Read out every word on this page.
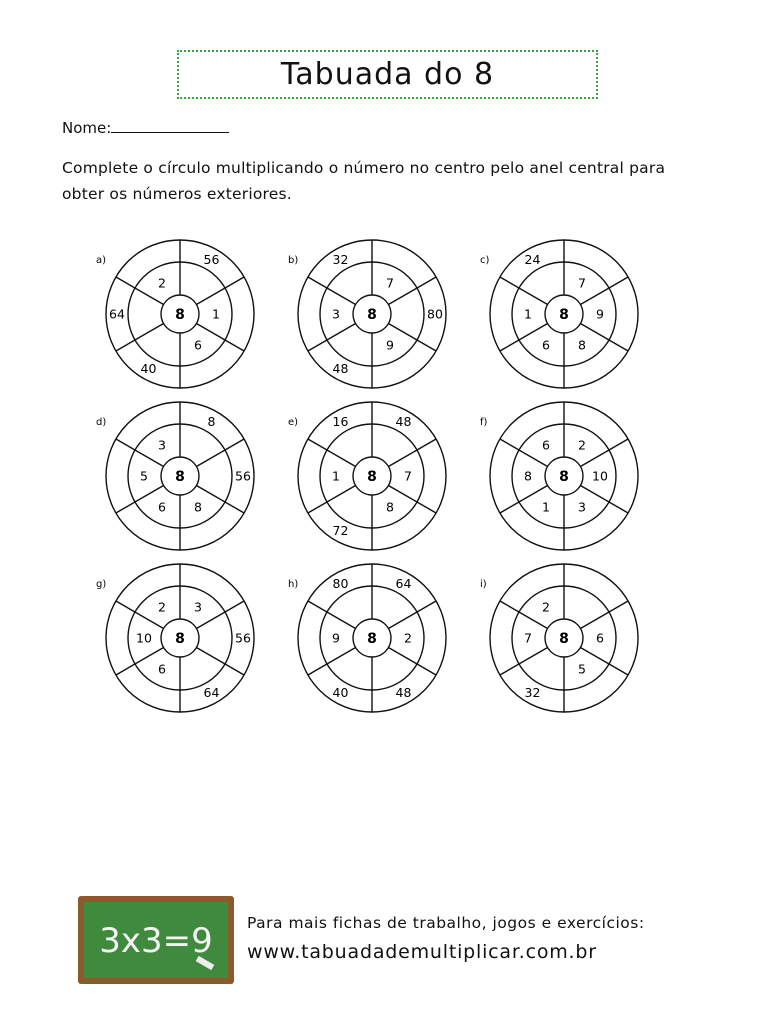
Tabuada do 8
Nome:
Complete o círculo multiplicando o número no centro pelo anel central para obter os números exteriores.
8
a)
1
6
2
56
40
64	8
b)
7
9
3	80
48
32
8
c)
7
9
8
6
1
24
8
d)
8
6
5
3
8
56	8
e)
7
8
1
48
72
16
8
f)
2
10
3
1
8
6
8
g)
3
6
10
2
56
64
8
h)
2
9
64
48
40
80
8
i)
6
5
7
2
32
3x3=9 Para mais fichas de trabalho, jogos e exercícios:
www.tabuadademultiplicar.com.br
